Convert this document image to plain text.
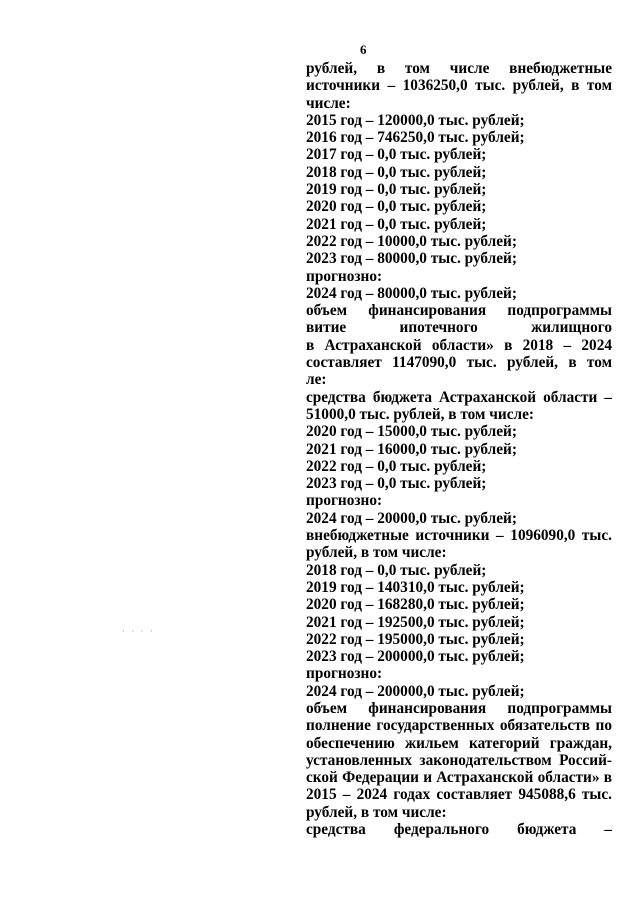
6
· · · ·
рублей, в том числе внебюджетные
источники – 1036250,0 тыс. рублей, в том
числе:
2015 год – 120000,0 тыс. рублей;
2016 год – 746250,0 тыс. рублей;
2017 год – 0,0 тыс. рублей;
2018 год – 0,0 тыс. рублей;
2019 год – 0,0 тыс. рублей;
2020 год – 0,0 тыс. рублей;
2021 год – 0,0 тыс. рублей;
2022 год – 10000,0 тыс. рублей;
2023 год – 80000,0 тыс. рублей;
прогнозно:
2024 год – 80000,0 тыс. рублей;
объем финансирования подпрограммы
витие ипотечного жилищного
в Астраханской области» в 2018 – 2024
составляет 1147090,0 тыс. рублей, в том
ле:
средства бюджета Астраханской области –
51000,0 тыс. рублей, в том числе:
2020 год – 15000,0 тыс. рублей;
2021 год – 16000,0 тыс. рублей;
2022 год – 0,0 тыс. рублей;
2023 год – 0,0 тыс. рублей;
прогнозно:
2024 год – 20000,0 тыс. рублей;
внебюджетные источники – 1096090,0 тыс.
рублей, в том числе:
2018 год – 0,0 тыс. рублей;
2019 год – 140310,0 тыс. рублей;
2020 год – 168280,0 тыс. рублей;
2021 год – 192500,0 тыс. рублей;
2022 год – 195000,0 тыс. рублей;
2023 год – 200000,0 тыс. рублей;
прогнозно:
2024 год – 200000,0 тыс. рублей;
объем финансирования подпрограммы
полнение государственных обязательств по
обеспечению жильем категорий граждан,
установленных законодательством Россий-
ской Федерации и Астраханской области» в
2015 – 2024 годах составляет 945088,6 тыс.
рублей, в том числе:
средства федерального бюджета –
